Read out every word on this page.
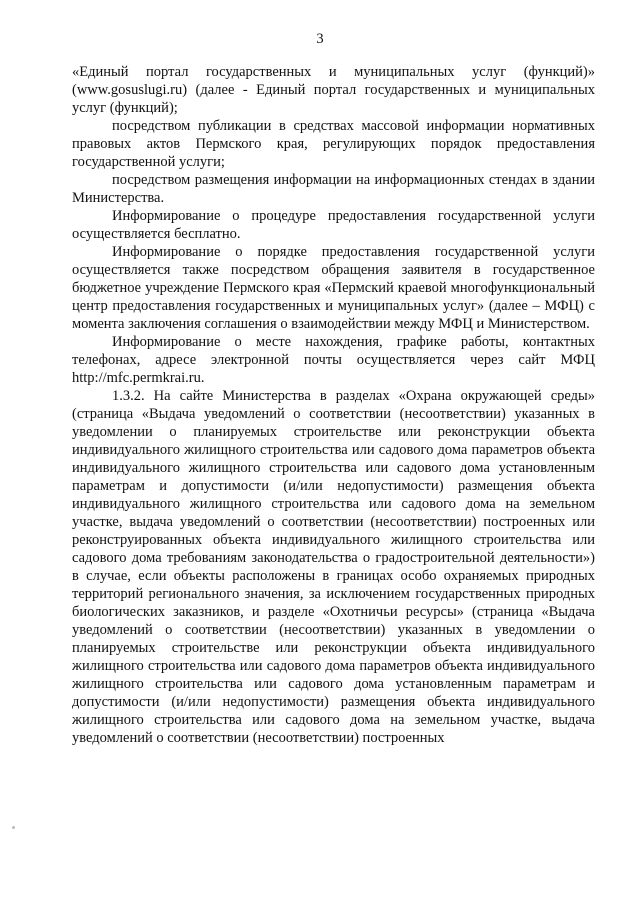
3

«Единый портал государственных и муниципальных услуг (функций)» (www.gosuslugi.ru) (далее - Единый портал государственных и муниципальных услуг (функций);

посредством публикации в средствах массовой информации нормативных правовых актов Пермского края, регулирующих порядок предоставления государственной услуги;

посредством размещения информации на информационных стендах в здании Министерства.

Информирование о процедуре предоставления государственной услуги осуществляется бесплатно.

Информирование о порядке предоставления государственной услуги осуществляется также посредством обращения заявителя в государственное бюджетное учреждение Пермского края «Пермский краевой многофункциональный центр предоставления государственных и муниципальных услуг» (далее – МФЦ) с момента заключения соглашения о взаимодействии между МФЦ и Министерством.

Информирование о месте нахождения, графике работы, контактных телефонах, адресе электронной почты осуществляется через сайт МФЦ http://mfc.permkrai.ru.

1.3.2. На сайте Министерства в разделах «Охрана окружающей среды» (страница «Выдача уведомлений о соответствии (несоответствии) указанных в уведомлении о планируемых строительстве или реконструкции объекта индивидуального жилищного строительства или садового дома параметров объекта индивидуального жилищного строительства или садового дома установленным параметрам и допустимости (и/или недопустимости) размещения объекта индивидуального жилищного строительства или садового дома на земельном участке, выдача уведомлений о соответствии (несоответствии) построенных или реконструированных объекта индивидуального жилищного строительства или садового дома требованиям законодательства о градостроительной деятельности») в случае, если объекты расположены в границах особо охраняемых природных территорий регионального значения, за исключением государственных природных биологических заказников, и разделе «Охотничьи ресурсы» (страница «Выдача уведомлений о соответствии (несоответствии) указанных в уведомлении о планируемых строительстве или реконструкции объекта индивидуального жилищного строительства или садового дома параметров объекта индивидуального жилищного строительства или садового дома установленным параметрам и допустимости (и/или недопустимости) размещения объекта индивидуального жилищного строительства или садового дома на земельном участке, выдача уведомлений о соответствии (несоответствии) построенных
